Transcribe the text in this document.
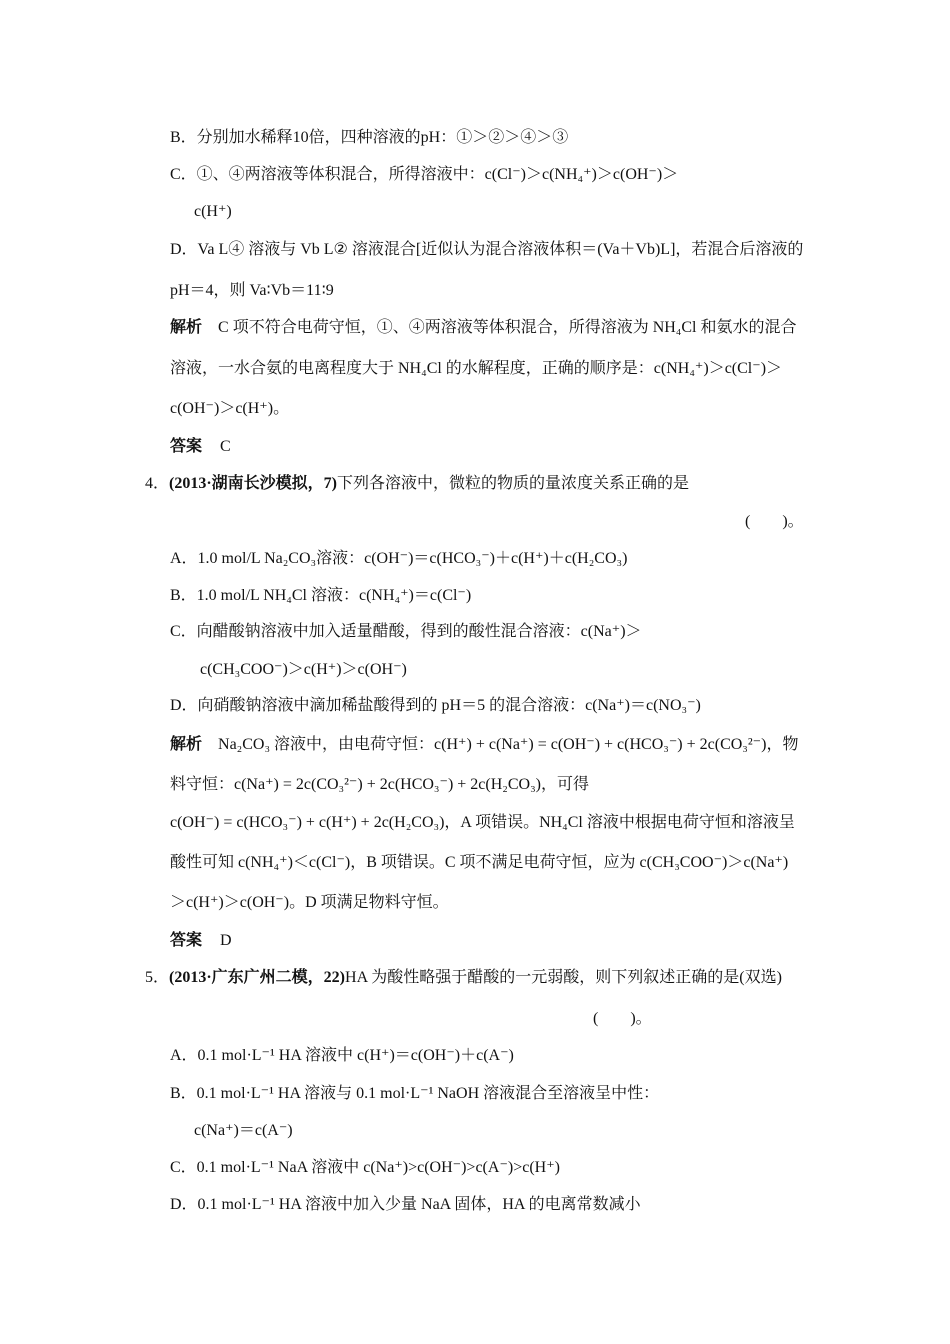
B．分别加水稀释10倍，四种溶液的pH：①＞②＞④＞③
C．①、④两溶液等体积混合，所得溶液中：c(Cl⁻)＞c(NH₄⁺)＞c(OH⁻)＞
c(H⁺)
D．Va L④ 溶液与 Vb L② 溶液混合[近似认为混合溶液体积＝(Va＋Vb)L]，若混合后溶液的
pH＝4，则 Va∶Vb＝11∶9
解析 C 项不符合电荷守恒，①、④两溶液等体积混合，所得溶液为 NH₄Cl 和氨水的混合
溶液，一水合氨的电离程度大于 NH₄Cl 的水解程度，正确的顺序是：c(NH₄⁺)＞c(Cl⁻)＞
c(OH⁻)＞c(H⁺)。
答案 C
4．(2013·湖南长沙模拟，7)下列各溶液中，微粒的物质的量浓度关系正确的是
(　　)。
A．1.0 mol/L Na₂CO₃溶液：c(OH⁻)＝c(HCO₃⁻)＋c(H⁺)＋c(H₂CO₃)
B．1.0 mol/L NH₄Cl 溶液：c(NH₄⁺)＝c(Cl⁻)
C．向醋酸钠溶液中加入适量醋酸，得到的酸性混合溶液：c(Na⁺)＞
c(CH₃COO⁻)＞c(H⁺)＞c(OH⁻)
D．向硝酸钠溶液中滴加稀盐酸得到的 pH＝5 的混合溶液：c(Na⁺)＝c(NO₃⁻)
解析 Na₂CO₃ 溶液中，由电荷守恒：c(H⁺) + c(Na⁺) = c(OH⁻) + c(HCO₃⁻) + 2c(CO₃²⁻)，物
料守恒：c(Na⁺) = 2c(CO₃²⁻) + 2c(HCO₃⁻) + 2c(H₂CO₃)，可得
c(OH⁻) = c(HCO₃⁻) + c(H⁺) + 2c(H₂CO₃)，A 项错误。NH₄Cl 溶液中根据电荷守恒和溶液呈
酸性可知 c(NH₄⁺)＜c(Cl⁻)，B 项错误。C 项不满足电荷守恒，应为 c(CH₃COO⁻)＞c(Na⁺)
＞c(H⁺)＞c(OH⁻)。D 项满足物料守恒。
答案 D
5．(2013·广东广州二模，22)HA 为酸性略强于醋酸的一元弱酸，则下列叙述正确的是(双选)
(　　)。
A．0.1 mol·L⁻¹ HA 溶液中 c(H⁺)＝c(OH⁻)＋c(A⁻)
B．0.1 mol·L⁻¹ HA 溶液与 0.1 mol·L⁻¹ NaOH 溶液混合至溶液呈中性：
c(Na⁺)＝c(A⁻)
C．0.1 mol·L⁻¹ NaA 溶液中 c(Na⁺)>c(OH⁻)>c(A⁻)>c(H⁺)
D．0.1 mol·L⁻¹ HA 溶液中加入少量 NaA 固体，HA 的电离常数减小
